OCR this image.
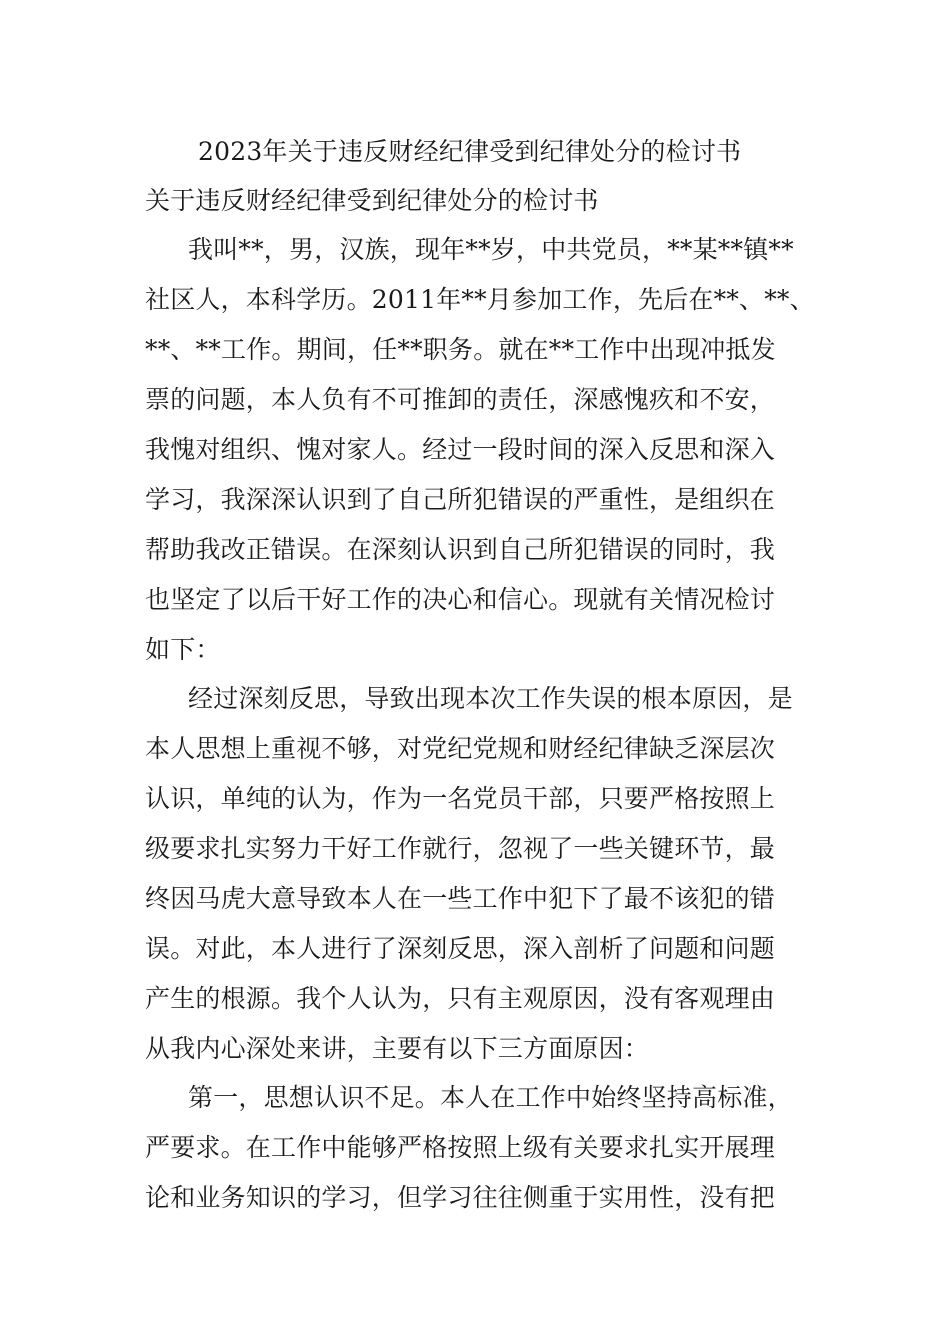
2023年关于违反财经纪律受到纪律处分的检讨书
关于违反财经纪律受到纪律处分的检讨书
我叫**，男，汉族，现年**岁，中共党员，**某**镇**
社区人，本科学历。2011年**月参加工作，先后在**、**、
**、**工作。期间，任**职务。就在**工作中出现冲抵发
票的问题，本人负有不可推卸的责任，深感愧疚和不安，
我愧对组织、愧对家人。经过一段时间的深入反思和深入
学习，我深深认识到了自己所犯错误的严重性，是组织在
帮助我改正错误。在深刻认识到自己所犯错误的同时，我
也坚定了以后干好工作的决心和信心。现就有关情况检讨
如下：
经过深刻反思，导致出现本次工作失误的根本原因，是
本人思想上重视不够，对党纪党规和财经纪律缺乏深层次
认识，单纯的认为，作为一名党员干部，只要严格按照上
级要求扎实努力干好工作就行，忽视了一些关键环节，最
终因马虎大意导致本人在一些工作中犯下了最不该犯的错
误。对此，本人进行了深刻反思，深入剖析了问题和问题
产生的根源。我个人认为，只有主观原因，没有客观理由
从我内心深处来讲，主要有以下三方面原因：
第一，思想认识不足。本人在工作中始终坚持高标准，
严要求。在工作中能够严格按照上级有关要求扎实开展理
论和业务知识的学习，但学习往往侧重于实用性，没有把
